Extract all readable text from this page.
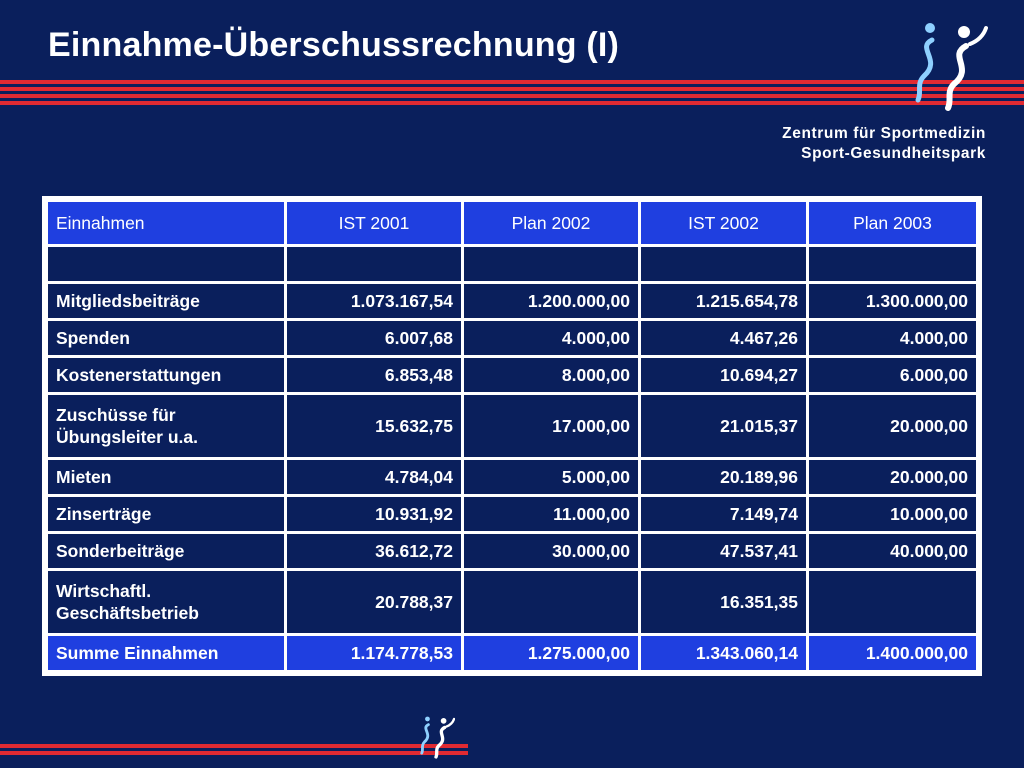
Einnahme-Überschussrechnung (I)
Zentrum für Sportmedizin
Sport-Gesundheitspark
Einnahmen	IST 2001	Plan 2002	IST 2002	Plan 2003

Mitgliedsbeiträge	1.073.167,54	1.200.000,00	1.215.654,78	1.300.000,00

Spenden	6.007,68	4.000,00	4.467,26	4.000,00

Kostenerstattungen	6.853,48	8.000,00	10.694,27	6.000,00

Zuschüsse für
Übungsleiter u.a.	15.632,75	17.000,00	21.015,37	20.000,00

Mieten	4.784,04	5.000,00	20.189,96	20.000,00

Zinserträge	10.931,92	11.000,00	7.149,74	10.000,00

Sonderbeiträge	36.612,72	30.000,00	47.537,41	40.000,00

Wirtschaftl.
Geschäftsbetrieb	20.788,37		16.351,35	
Summe Einnahmen	1.174.778,53	1.275.000,00	1.343.060,14	1.400.000,00
